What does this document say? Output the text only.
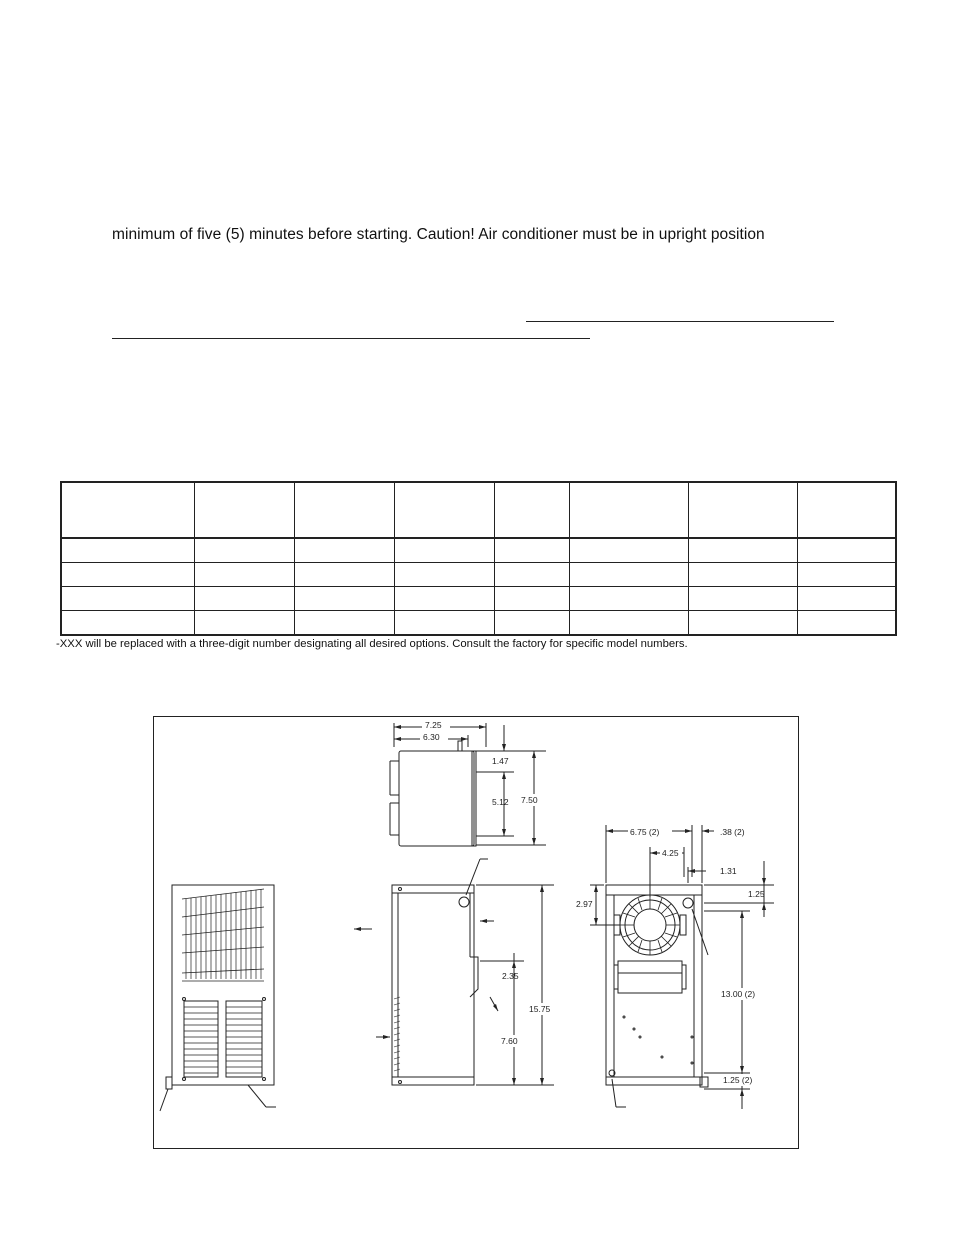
minimum of five (5) minutes before starting. Caution! Air conditioner must be in upright position

-XXX will be replaced with a three-digit number designating all desired options. Consult the factory for specific model numbers.
7.25
6.30
1.47
5.12 7.50
2.35
15.75
7.60
6.75 (2)	.38 (2)
4.25
1.31
1.25
2.97
13.00 (2)
1.25 (2)
